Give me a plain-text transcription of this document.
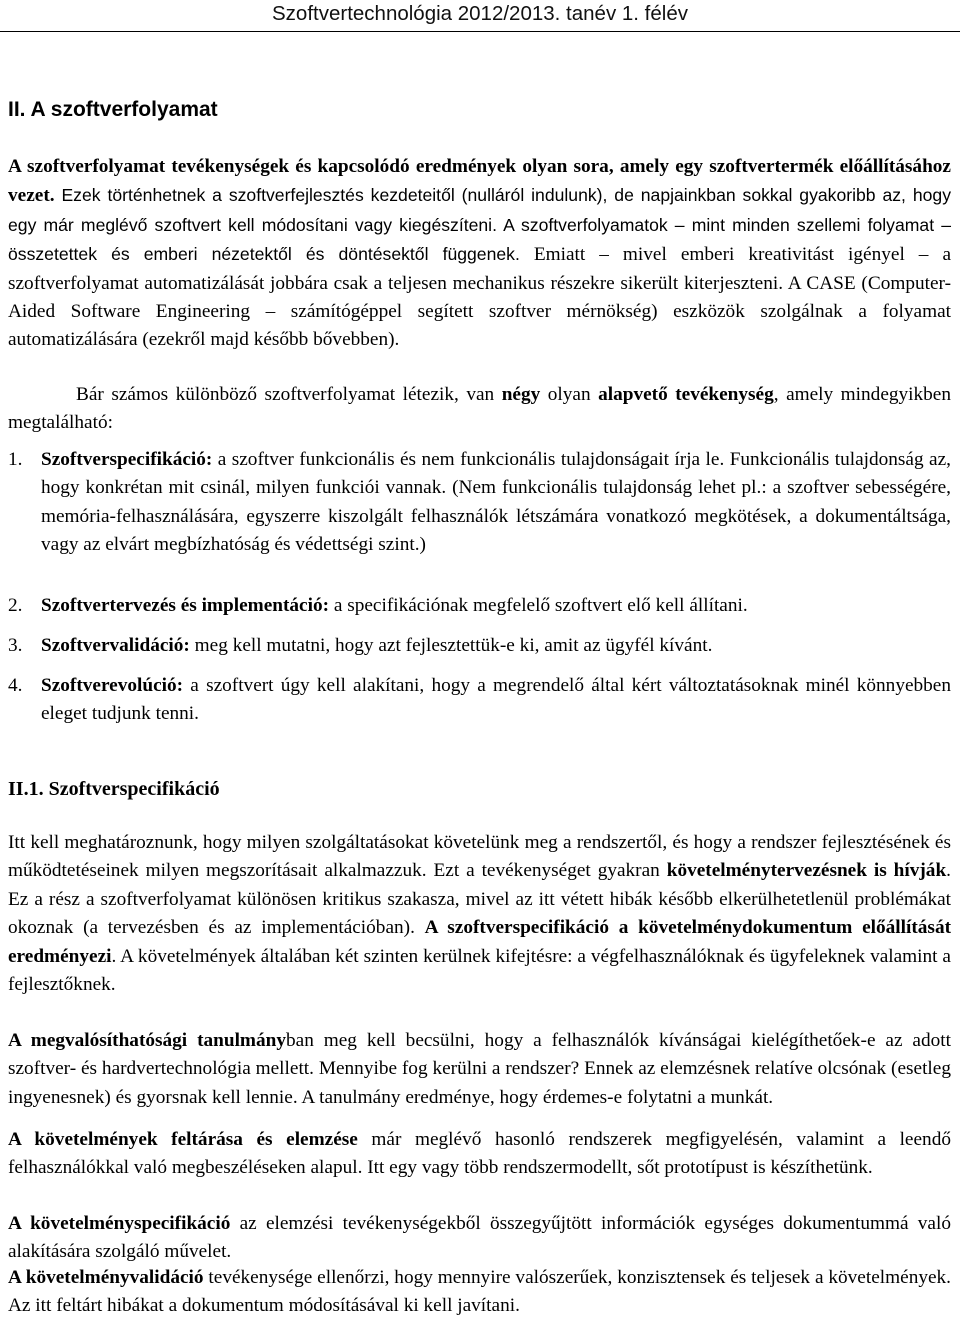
Szoftvertechnológia 2012/2013. tanév 1. félév
II. A szoftverfolyamat

A szoftverfolyamat tevékenységek és kapcsolódó eredmények olyan sora, amely egy szoftvertermék előállításához vezet. Ezek történhetnek a szoftverfejlesztés kezdeteitől (nulláról indulunk), de napjainkban sokkal gyakoribb az, hogy egy már meglévő szoftvert kell módosítani vagy kiegészíteni. A szoftverfolyamatok – mint minden szellemi folyamat – összetettek és emberi nézetektől és döntésektől függenek. Emiatt – mivel emberi kreativitást igényel – a szoftverfolyamat automatizálását jobbára csak a teljesen mechanikus részekre sikerült kiterjeszteni. A CASE (Computer-Aided Software Engineering – számítógéppel segített szoftver mérnökség) eszközök szolgálnak a folyamat automatizálására (ezekről majd később bővebben).

Bár számos különböző szoftverfolyamat létezik, van négy olyan alapvető tevékenység, amely mindegyikben megtalálható:

1. Szoftverspecifikáció: a szoftver funkcionális és nem funkcionális tulajdonságait írja le. Funkcionális tulajdonság az, hogy konkrétan mit csinál, milyen funkciói vannak. (Nem funkcionális tulajdonság lehet pl.: a szoftver sebességére, memória-felhasználására, egyszerre kiszolgált felhasználók létszámára vonatkozó megkötések, a dokumentáltsága, vagy az elvárt megbízhatóság és védettségi szint.)
2. Szoftvertervezés és implementáció: a specifikációnak megfelelő szoftvert elő kell állítani.
3. Szoftvervalidáció: meg kell mutatni, hogy azt fejlesztettük-e ki, amit az ügyfél kívánt.
4. Szoftverevolúció: a szoftvert úgy kell alakítani, hogy a megrendelő által kért változtatásoknak minél könnyebben eleget tudjunk tenni.
II.1. Szoftverspecifikáció

Itt kell meghatároznunk, hogy milyen szolgáltatásokat követelünk meg a rendszertől, és hogy a rendszer fejlesztésének és működtetéseinek milyen megszorításait alkalmazzuk. Ezt a tevékenységet gyakran követelménytervezésnek is hívják. Ez a rész a szoftverfolyamat különösen kritikus szakasza, mivel az itt vétett hibák később elkerülhetetlenül problémákat okoznak (a tervezésben és az implementációban). A szoftverspecifikáció a követelménydokumentum előállítását eredményezi. A követelmények általában két szinten kerülnek kifejtésre: a végfelhasználóknak és ügyfeleknek valamint a fejlesztőknek.

A megvalósíthatósági tanulmányban meg kell becsülni, hogy a felhasználók kívánságai kielégíthetőek-e az adott szoftver- és hardvertechnológia mellett. Mennyibe fog kerülni a rendszer? Ennek az elemzésnek relatíve olcsónak (esetleg ingyenesnek) és gyorsnak kell lennie. A tanulmány eredménye, hogy érdemes-e folytatni a munkát.

A követelmények feltárása és elemzése már meglévő hasonló rendszerek megfigyelésén, valamint a leendő felhasználókkal való megbeszéléseken alapul. Itt egy vagy több rendszermodellt, sőt prototípust is készíthetünk.

A követelményspecifikáció az elemzési tevékenységekből összegyűjtött információk egységes dokumentummá való alakítására szolgáló művelet.

A követelményvalidáció tevékenysége ellenőrzi, hogy mennyire valószerűek, konzisztensek és teljesek a követelmények. Az itt feltárt hibákat a dokumentum módosításával ki kell javítani.
